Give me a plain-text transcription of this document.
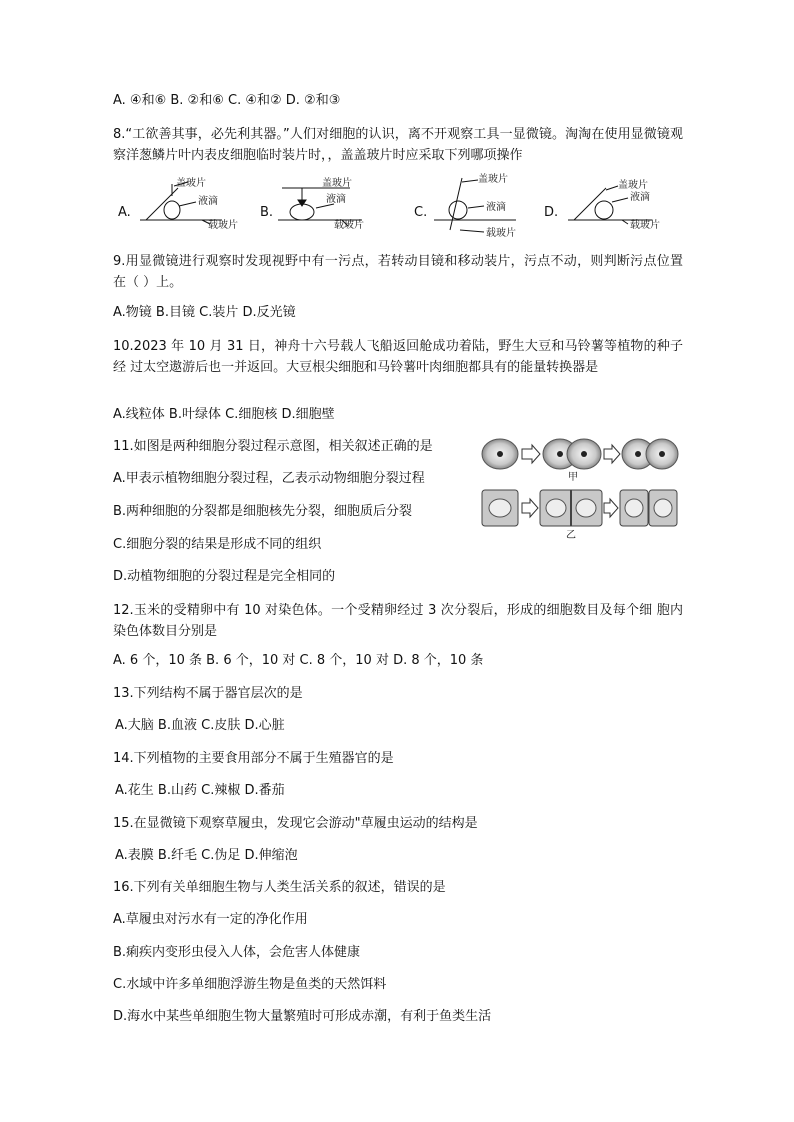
A. ④和⑥ B. ②和⑥ C. ④和② D. ②和③
8.“工欲善其事，必先利其器。”人们对细胞的认识，离不开观察工具一显微镜。淘淘在使用显微镜观察洋葱鳞片叶内表皮细胞临时装片时，，盖盖玻片时应采取下列哪项操作
A.	B.	C.	D.
盖玻片
液滴
载玻片
盖玻片
液滴
载玻片
盖玻片
液滴
载玻片
盖玻片
液滴
载玻片
9.用显微镜进行观察时发现视野中有一污点，若转动目镜和移动装片，污点不动，则判断污点位置在（ ）上。
A.物镜 B.目镜 C.装片 D.反光镜
10.2023 年 10 月 31 日，神舟十六号载人飞船返回舱成功着陆，野生大豆和马铃薯等植物的种子经 过太空遨游后也一并返回。大豆根尖细胞和马铃薯叶肉细胞都具有的能量转换器是
A.线粒体 B.叶绿体 C.细胞核 D.细胞壁
11.如图是两种细胞分裂过程示意图，相关叙述正确的是
A.甲表示植物细胞分裂过程，乙表示动物细胞分裂过程
B.两种细胞的分裂都是细胞核先分裂，细胞质后分裂
C.细胞分裂的结果是形成不同的组织
D.动植物细胞的分裂过程是完全相同的
甲
乙
12.玉米的受精卵中有 10 对染色体。一个受精卵经过 3 次分裂后，形成的细胞数目及每个细 胞内染色体数目分别是
A. 6 个，10 条 B. 6 个，10 对 C. 8 个，10 对 D. 8 个，10 条
13.下列结构不属于器官层次的是
A.大脑 B.血液 C.皮肤 D.心脏
14.下列植物的主要食用部分不属于生殖器官的是
A.花生 B.山药 C.辣椒 D.番茄
15.在显微镜下观察草履虫，发现它会游动"草履虫运动的结构是
A.表膜 B.纤毛 C.伪足 D.伸缩泡
16.下列有关单细胞生物与人类生活关系的叙述，错误的是
A.草履虫对污水有一定的净化作用
B.痢疾内变形虫侵入人体，会危害人体健康
C.水域中许多单细胞浮游生物是鱼类的天然饵料
D.海水中某些单细胞生物大量繁殖时可形成赤潮，有利于鱼类生活
